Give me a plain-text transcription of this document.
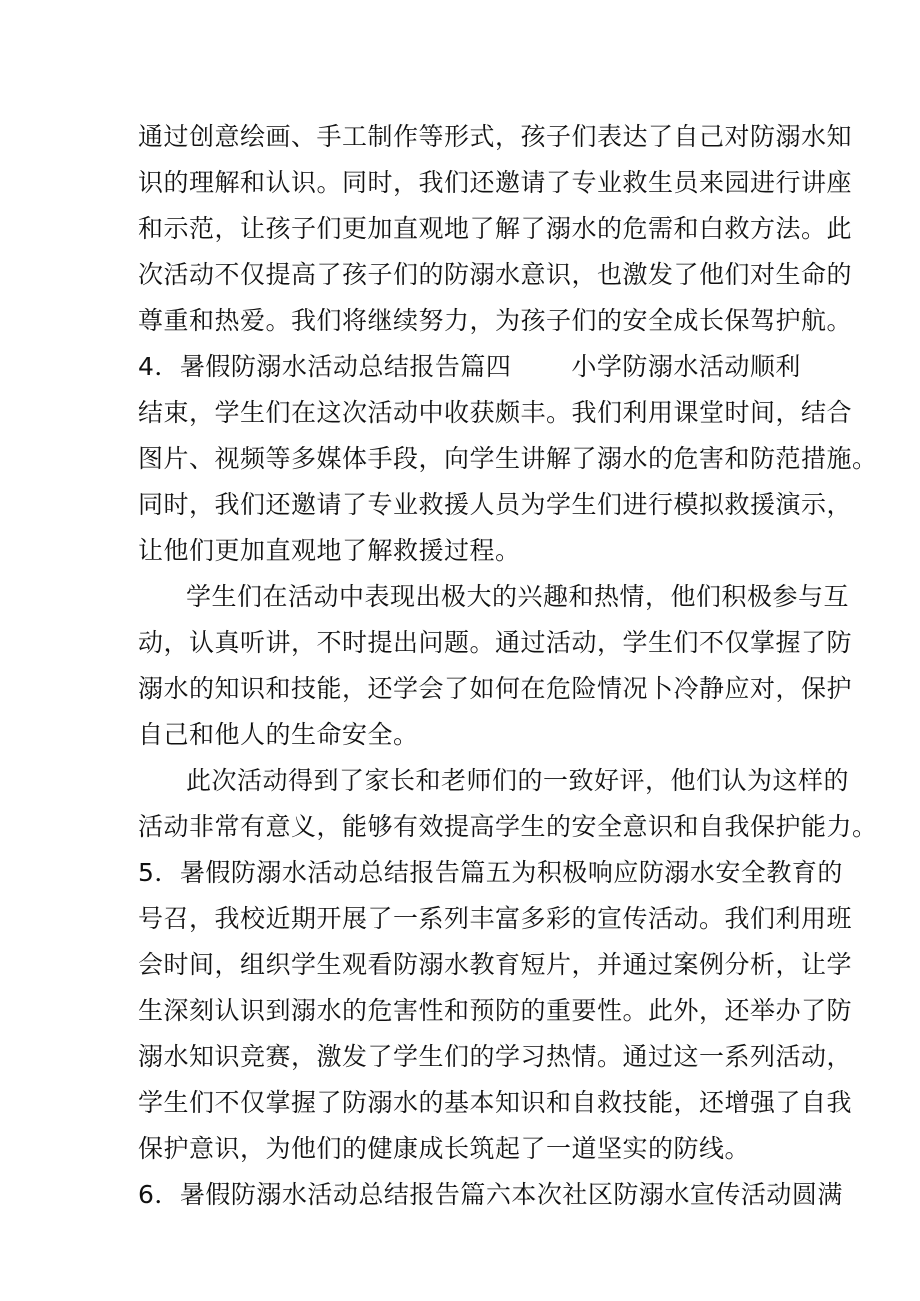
通过创意绘画、手工制作等形式，孩子们表达了自己对防溺水知
识的理解和认识。同时，我们还邀请了专业救生员来园进行讲座
和示范，让孩子们更加直观地了解了溺水的危需和白救方法。此
次活动不仅提高了孩子们的防溺水意识，也激发了他们对生命的
尊重和热爱。我们将继续努力，为孩子们的安全成长保驾护航。
4．暑假防溺水活动总结报告篇四 小学防溺水活动顺利
结束，学生们在这次活动中收获颇丰。我们利用课堂时间，结合
图片、视频等多媒体手段，向学生讲解了溺水的危害和防范措施。
同时，我们还邀请了专业救援人员为学生们进行模拟救援演示，
让他们更加直观地了解救援过程。
学生们在活动中表现出极大的兴趣和热情，他们积极参与互
动，认真听讲，不时提出问题。通过活动，学生们不仅掌握了防
溺水的知识和技能，还学会了如何在危险情况卜冷静应对，保护
自己和他人的生命安全。
此次活动得到了家长和老师们的一致好评，他们认为这样的
活动非常有意义，能够有效提高学生的安全意识和自我保护能力。
5．暑假防溺水活动总结报告篇五为积极响应防溺水安全教育的
号召，我校近期开展了一系列丰富多彩的宣传活动。我们利用班
会时间，组织学生观看防溺水教育短片，并通过案例分析，让学
生深刻认识到溺水的危害性和预防的重要性。此外，还举办了防
溺水知识竞赛，激发了学生们的学习热情。通过这一系列活动，
学生们不仅掌握了防溺水的基本知识和自救技能，还增强了自我
保护意识，为他们的健康成长筑起了一道坚实的防线。
6．暑假防溺水活动总结报告篇六本次社区防溺水宣传活动圆满
